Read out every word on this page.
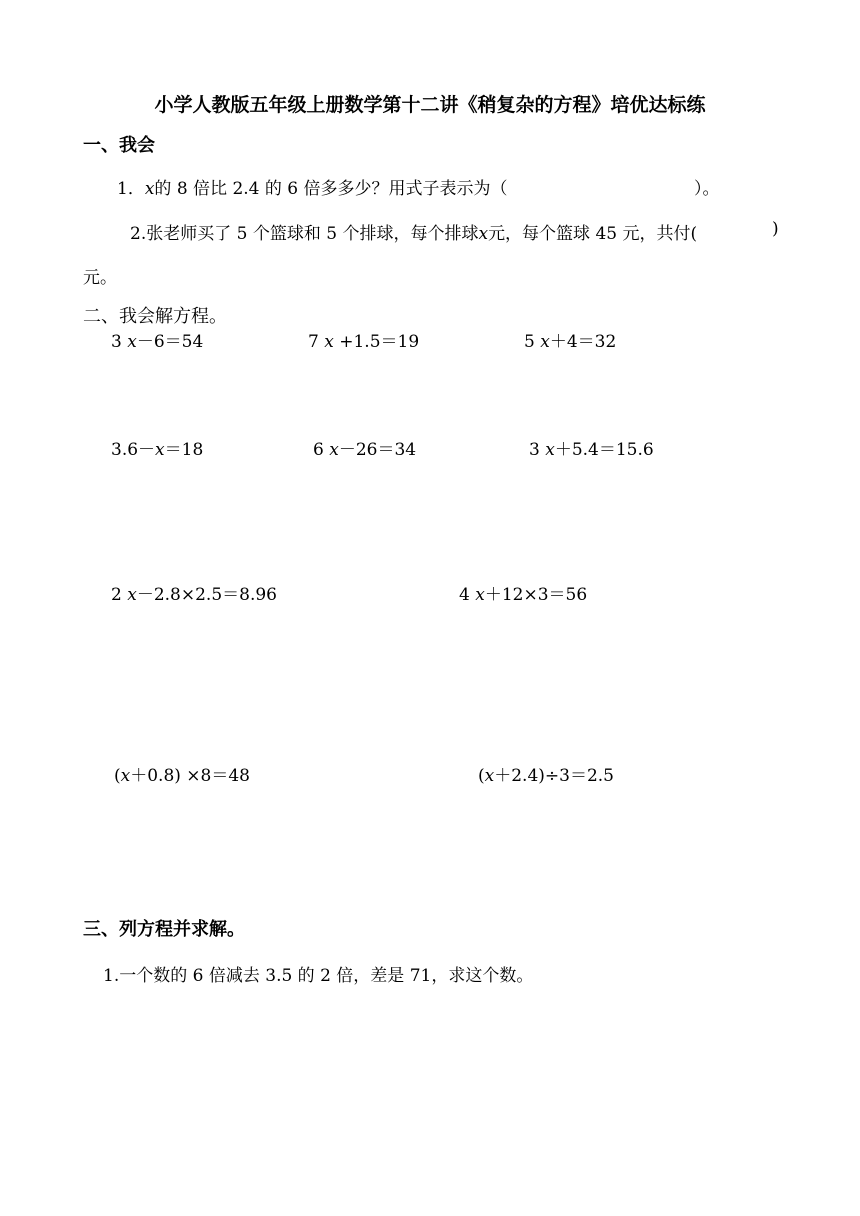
小学人教版五年级上册数学第十二讲《稍复杂的方程》培优达标练
一、我会
1．x的 8 倍比 2.4 的 6 倍多多少？用式子表示为（	）。
2.张老师买了 5 个篮球和 5 个排球，每个排球x元，每个篮球 45 元，共付(	)
元。
二、我会解方程。
3 x－6＝54	7 x +1.5＝19	5 x＋4＝32
3.6－x＝18	6 x－26＝34	3 x＋5.4＝15.6
2 x－2.8×2.5＝8.96	4 x＋12×3＝56
(x＋0.8) ×8＝48	(x＋2.4)÷3＝2.5
三、列方程并求解。
1.一个数的 6 倍减去 3.5 的 2 倍，差是 71，求这个数。
